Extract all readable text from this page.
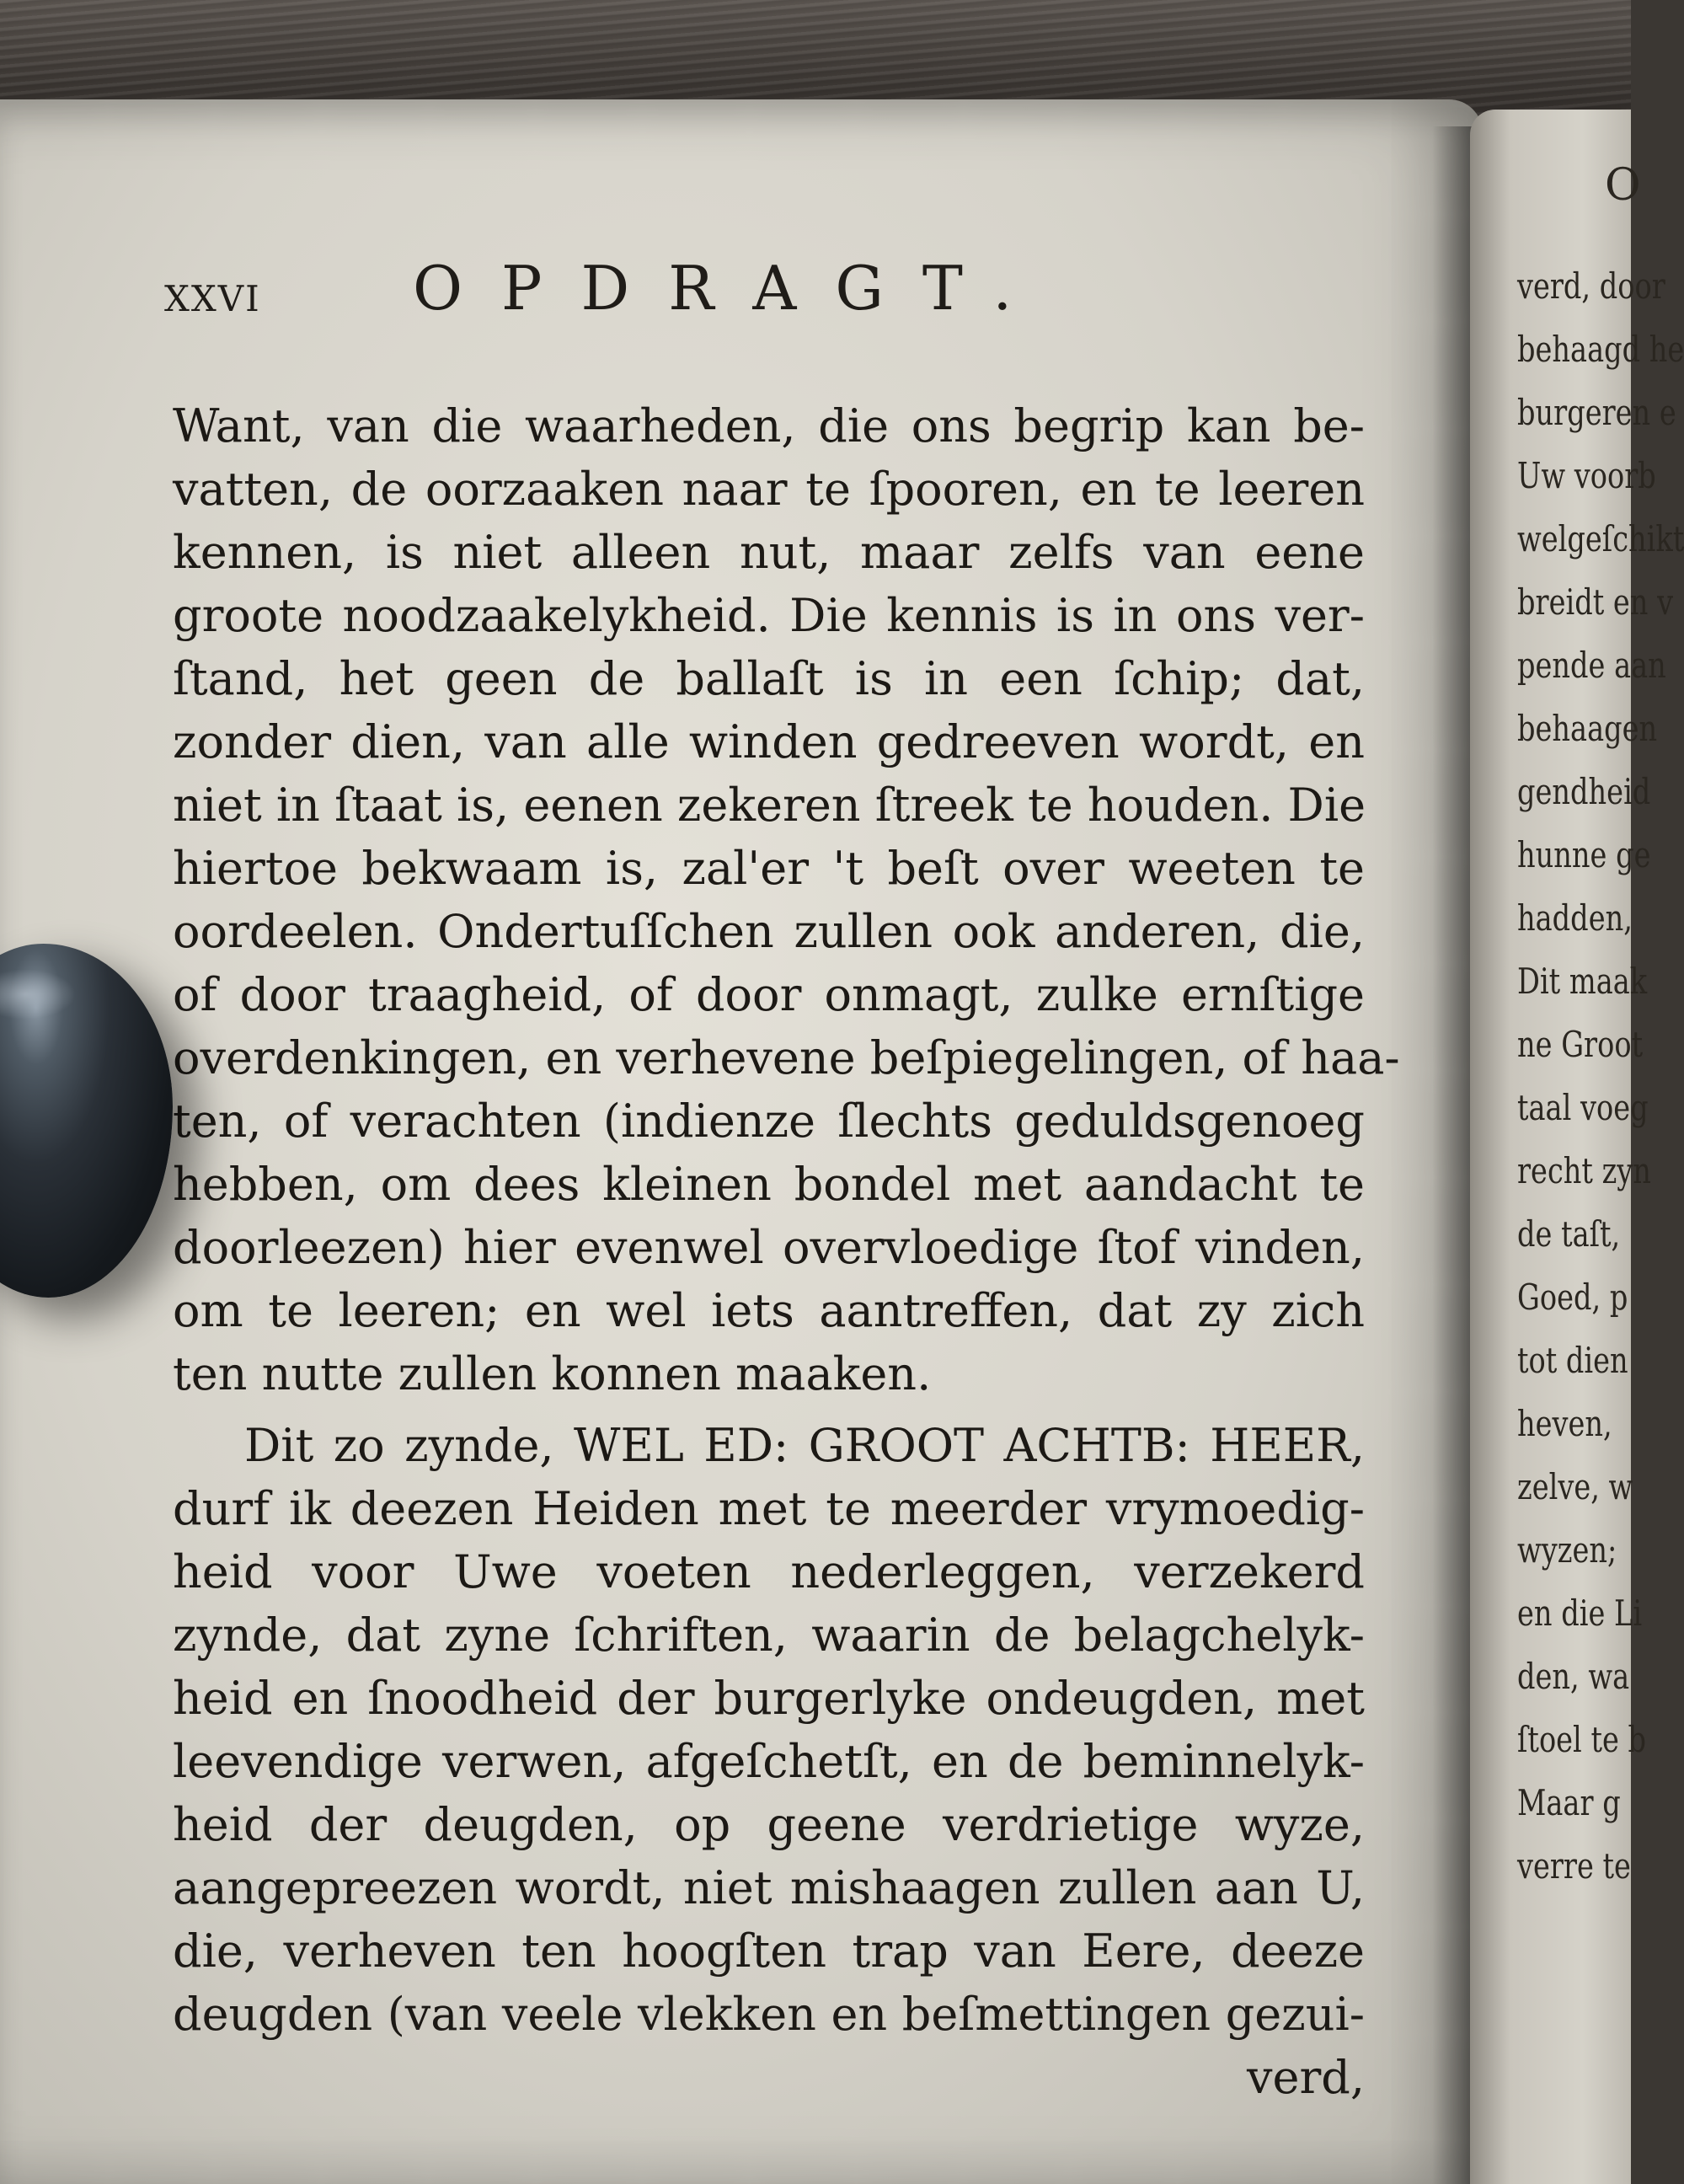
XXVI	OPDRAGT.
Want, van die waarheden, die ons begrip kan be-
vatten, de oorzaaken naar te ſpooren, en te leeren
kennen, is niet alleen nut, maar zelfs van eene
groote noodzaakelykheid. Die kennis is in ons ver-
ſtand, het geen de ballaſt is in een ſchip; dat,
zonder dien, van alle winden gedreeven wordt, en
niet in ſtaat is, eenen zekeren ſtreek te houden. Die
hiertoe bekwaam is, zal'er 't beſt over weeten te
oordeelen. Ondertuſſchen zullen ook anderen, die,
of door traagheid, of door onmagt, zulke ernſtige
overdenkingen, en verhevene beſpiegelingen, of haa-
ten, of verachten (indienze ſlechts geduldsgenoeg
hebben, om dees kleinen bondel met aandacht te
doorleezen) hier evenwel overvloedige ſtof vinden,
om te leeren; en wel iets aantreffen, dat zy zich
ten nutte zullen konnen maaken.
Dit zo zynde, WEL ED: GROOT ACHTB: HEER,
durf ik deezen Heiden met te meerder vrymoedig-
heid voor Uwe voeten nederleggen, verzekerd
zynde, dat zyne ſchriften, waarin de belagchelyk-
heid en ſnoodheid der burgerlyke ondeugden, met
leevendige verwen, afgeſchetſt, en de beminnelyk-
heid der deugden, op geene verdrietige wyze,
aangepreezen wordt, niet mishaagen zullen aan U,
die, verheven ten hoogſten trap van Eere, deeze
deugden (van veele vlekken en beſmettingen gezui-
verd,
O
verd, door
behaagd he
burgeren e
Uw voorb
welgeſchikt
breidt en v
pende aan
behaagen
gendheid
hunne ge
hadden,
Dit maak
ne Groot
taal voeg
recht zyn
de taſt,
Goed, p
tot dien
heven,
zelve, w
wyzen;
en die Li
den, wa
ſtoel te b
Maar g
verre te
